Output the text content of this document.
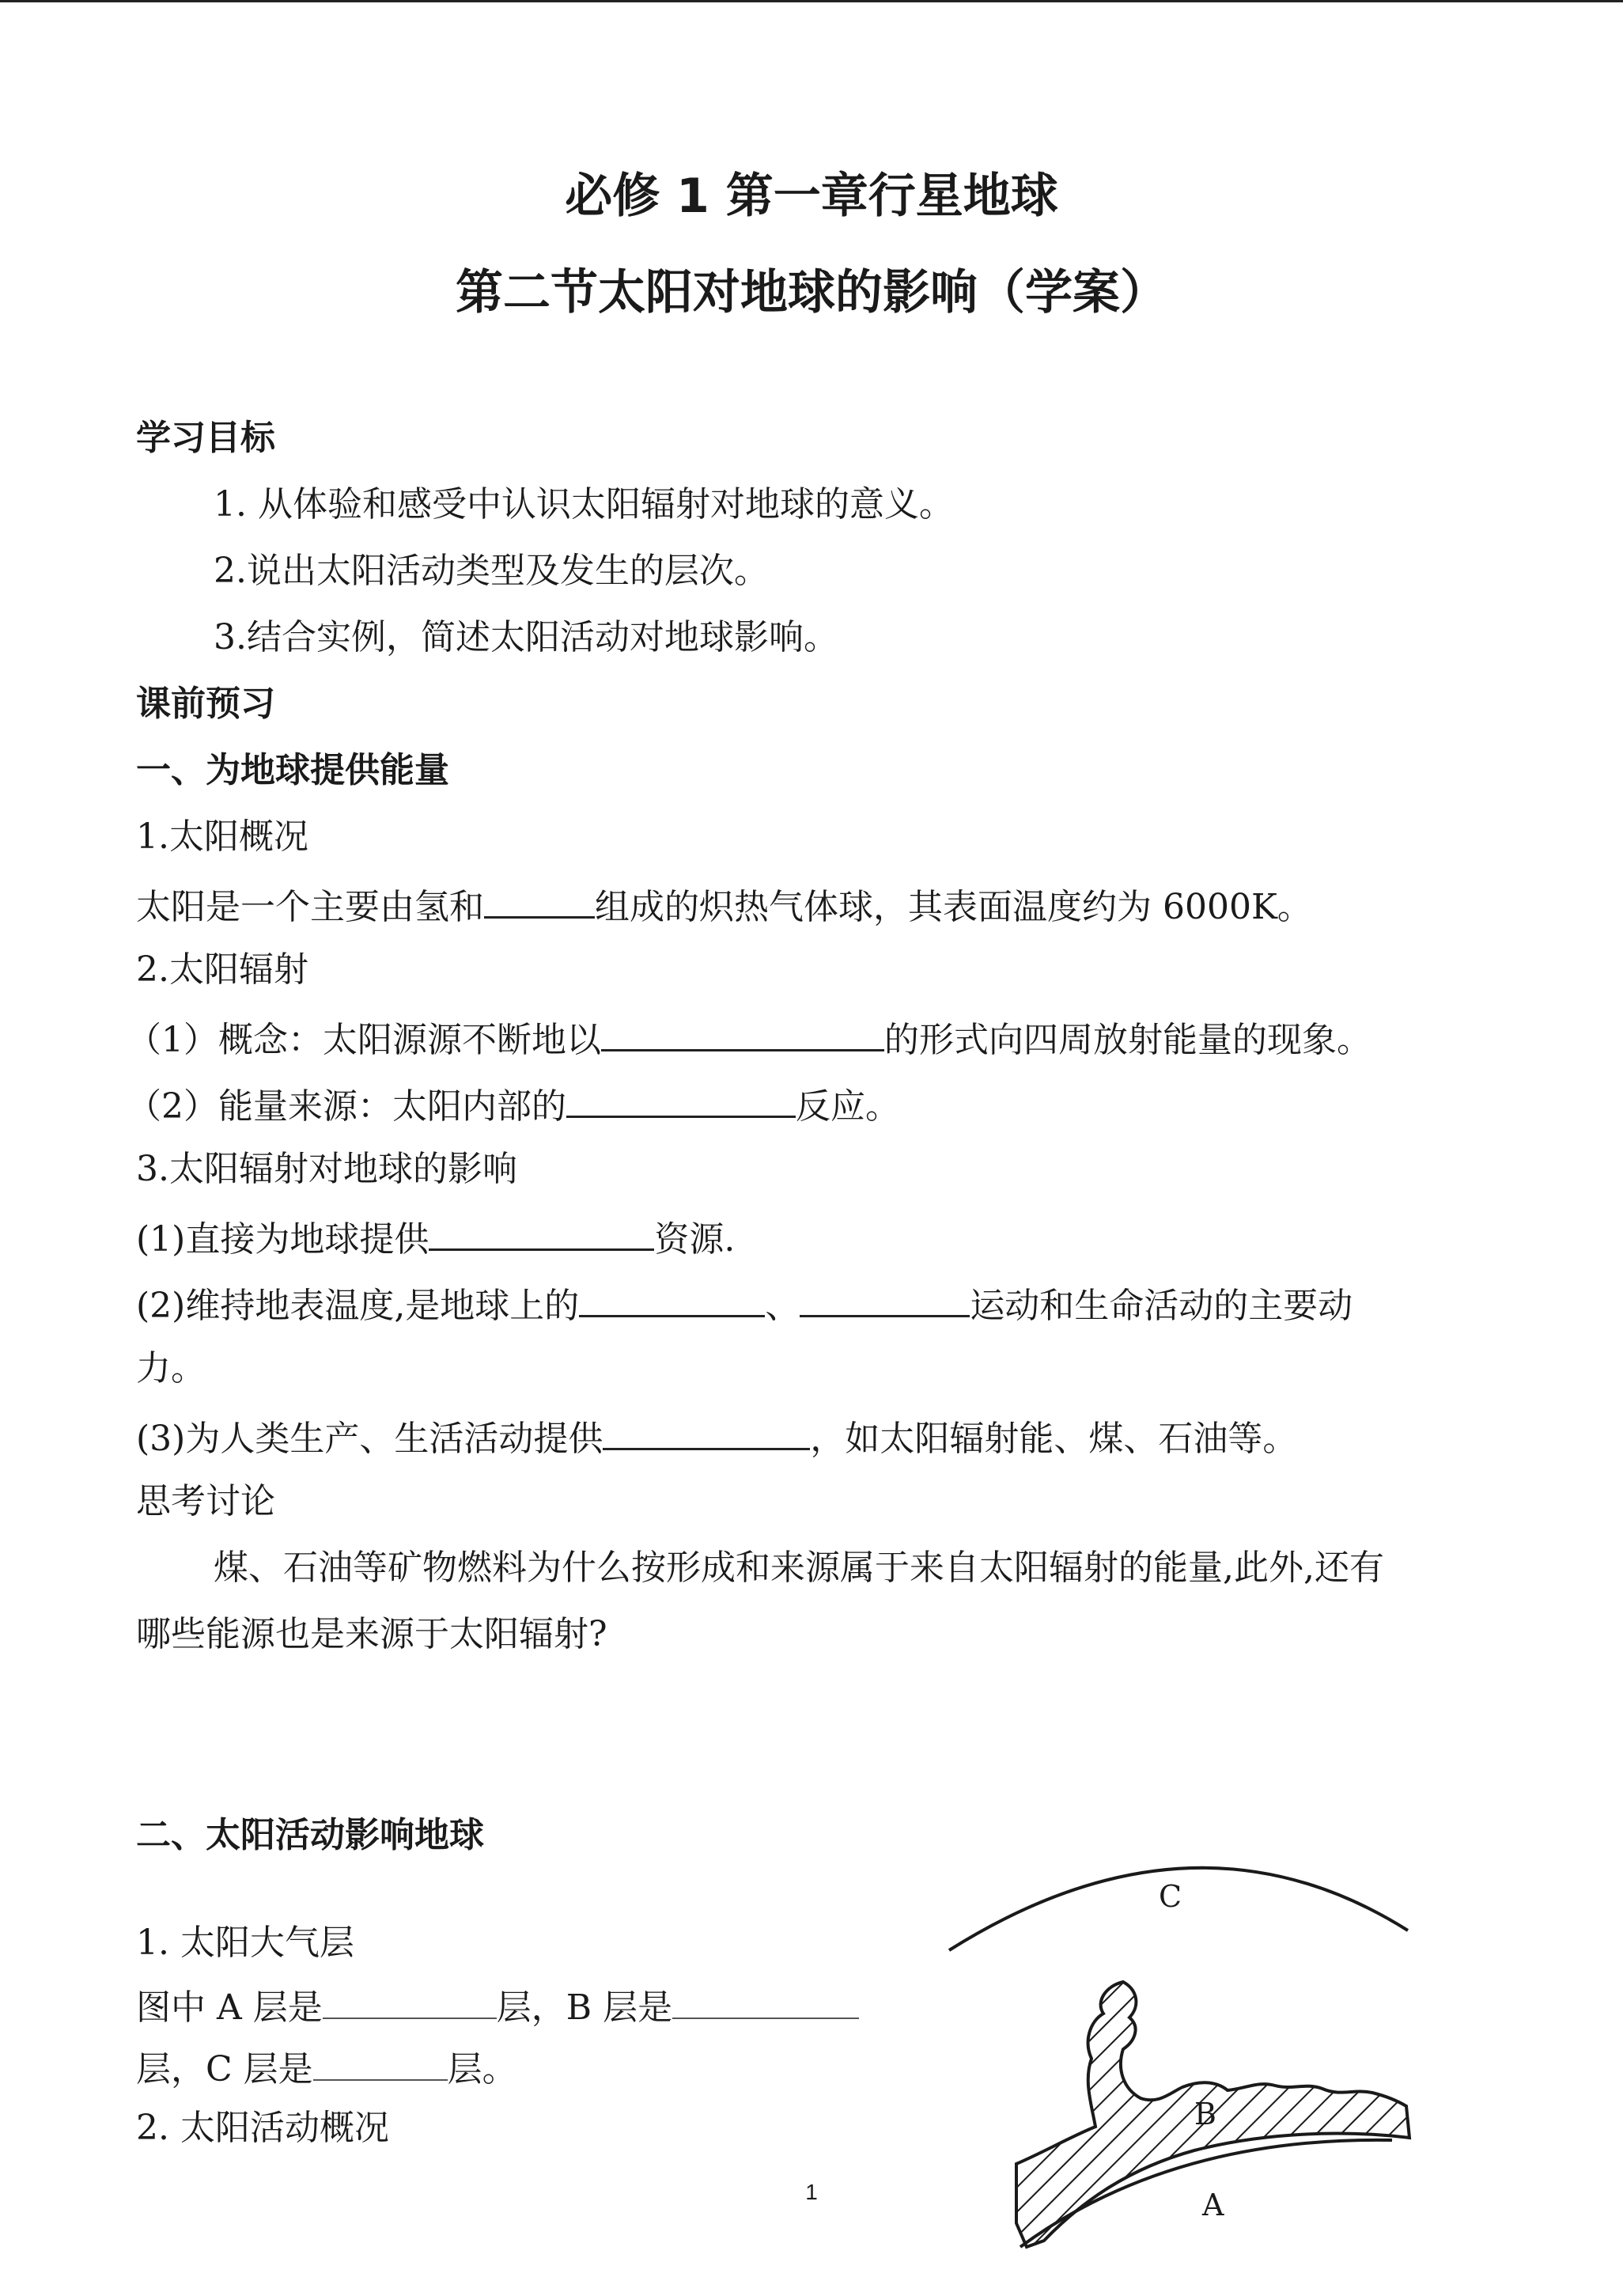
必修 1 第一章行星地球
第二节太阳对地球的影响（学案）
学习目标
1. 从体验和感受中认识太阳辐射对地球的意义。
2.说出太阳活动类型及发生的层次。
3.结合实例，简述太阳活动对地球影响。
课前预习
一、为地球提供能量
1.太阳概况
太阳是一个主要由氢和	组成的炽热气体球，其表面温度约为 6000K。
2.太阳辐射
（1）概念：太阳源源不断地以	的形式向四周放射能量的现象。
（2）能量来源：太阳内部的	反应。
3.太阳辐射对地球的影响
(1)直接为地球提供	资源.
(2)维持地表温度,是地球上的	、	运动和生命活动的主要动
力。
(3)为人类生产、生活活动提供	，如太阳辐射能、煤、石油等。
思考讨论
煤、石油等矿物燃料为什么按形成和来源属于来自太阳辐射的能量,此外,还有
哪些能源也是来源于太阳辐射?
二、太阳活动影响地球
1. 太阳大气层
图中 A 层是	层，B 层是
层，C 层是	层。
2. 太阳活动概况
C
B
A
1
